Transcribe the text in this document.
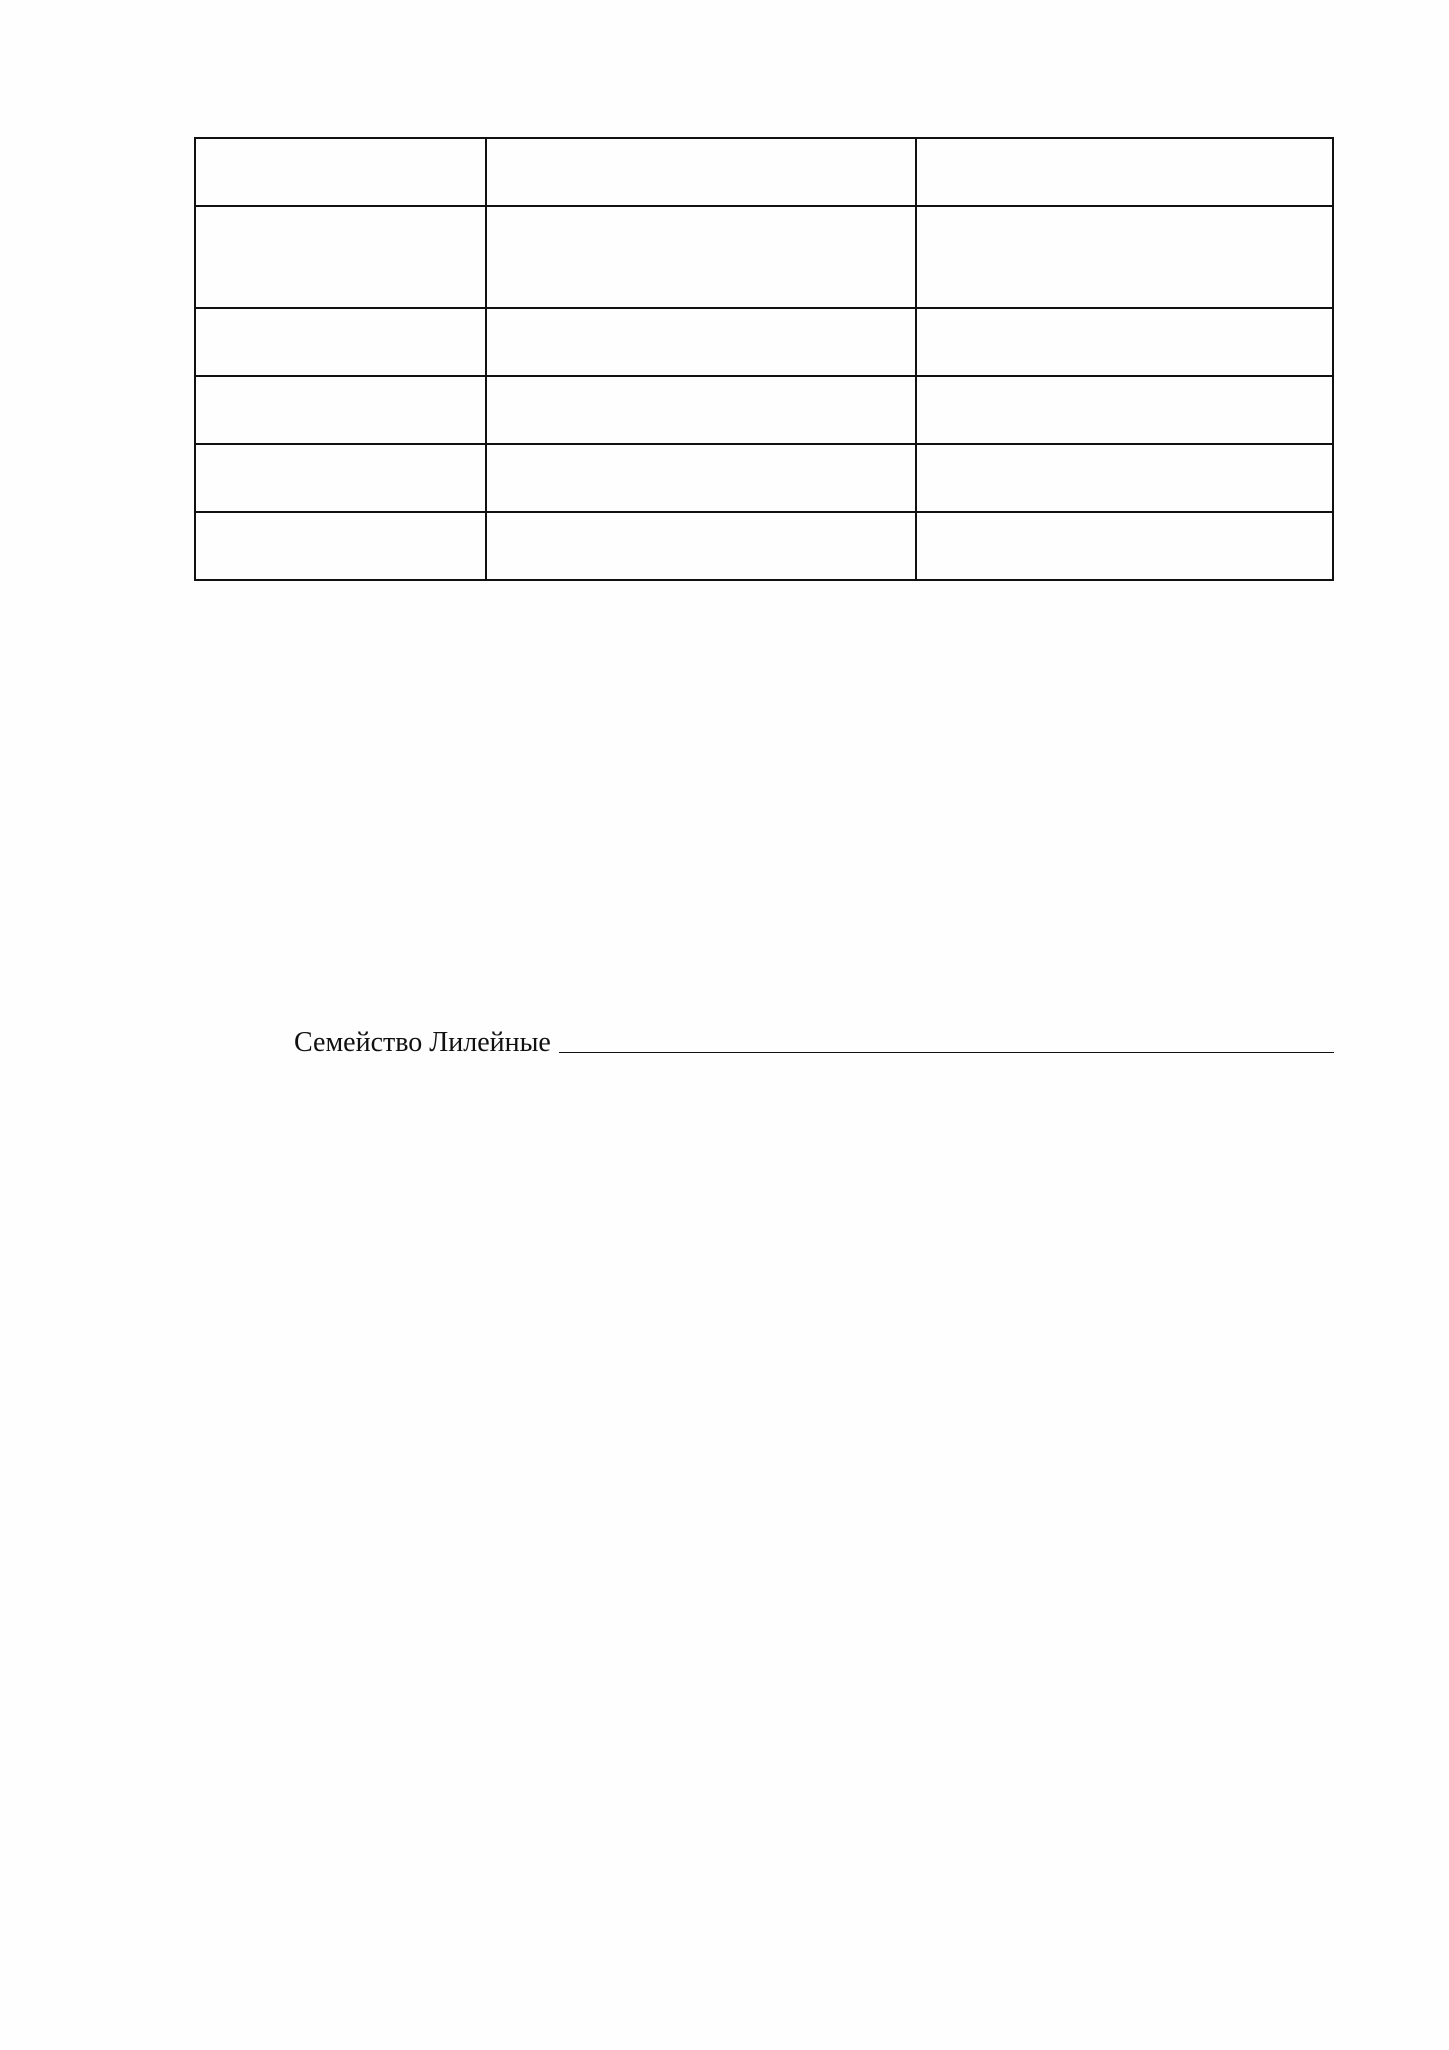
Семейство Лилейные
